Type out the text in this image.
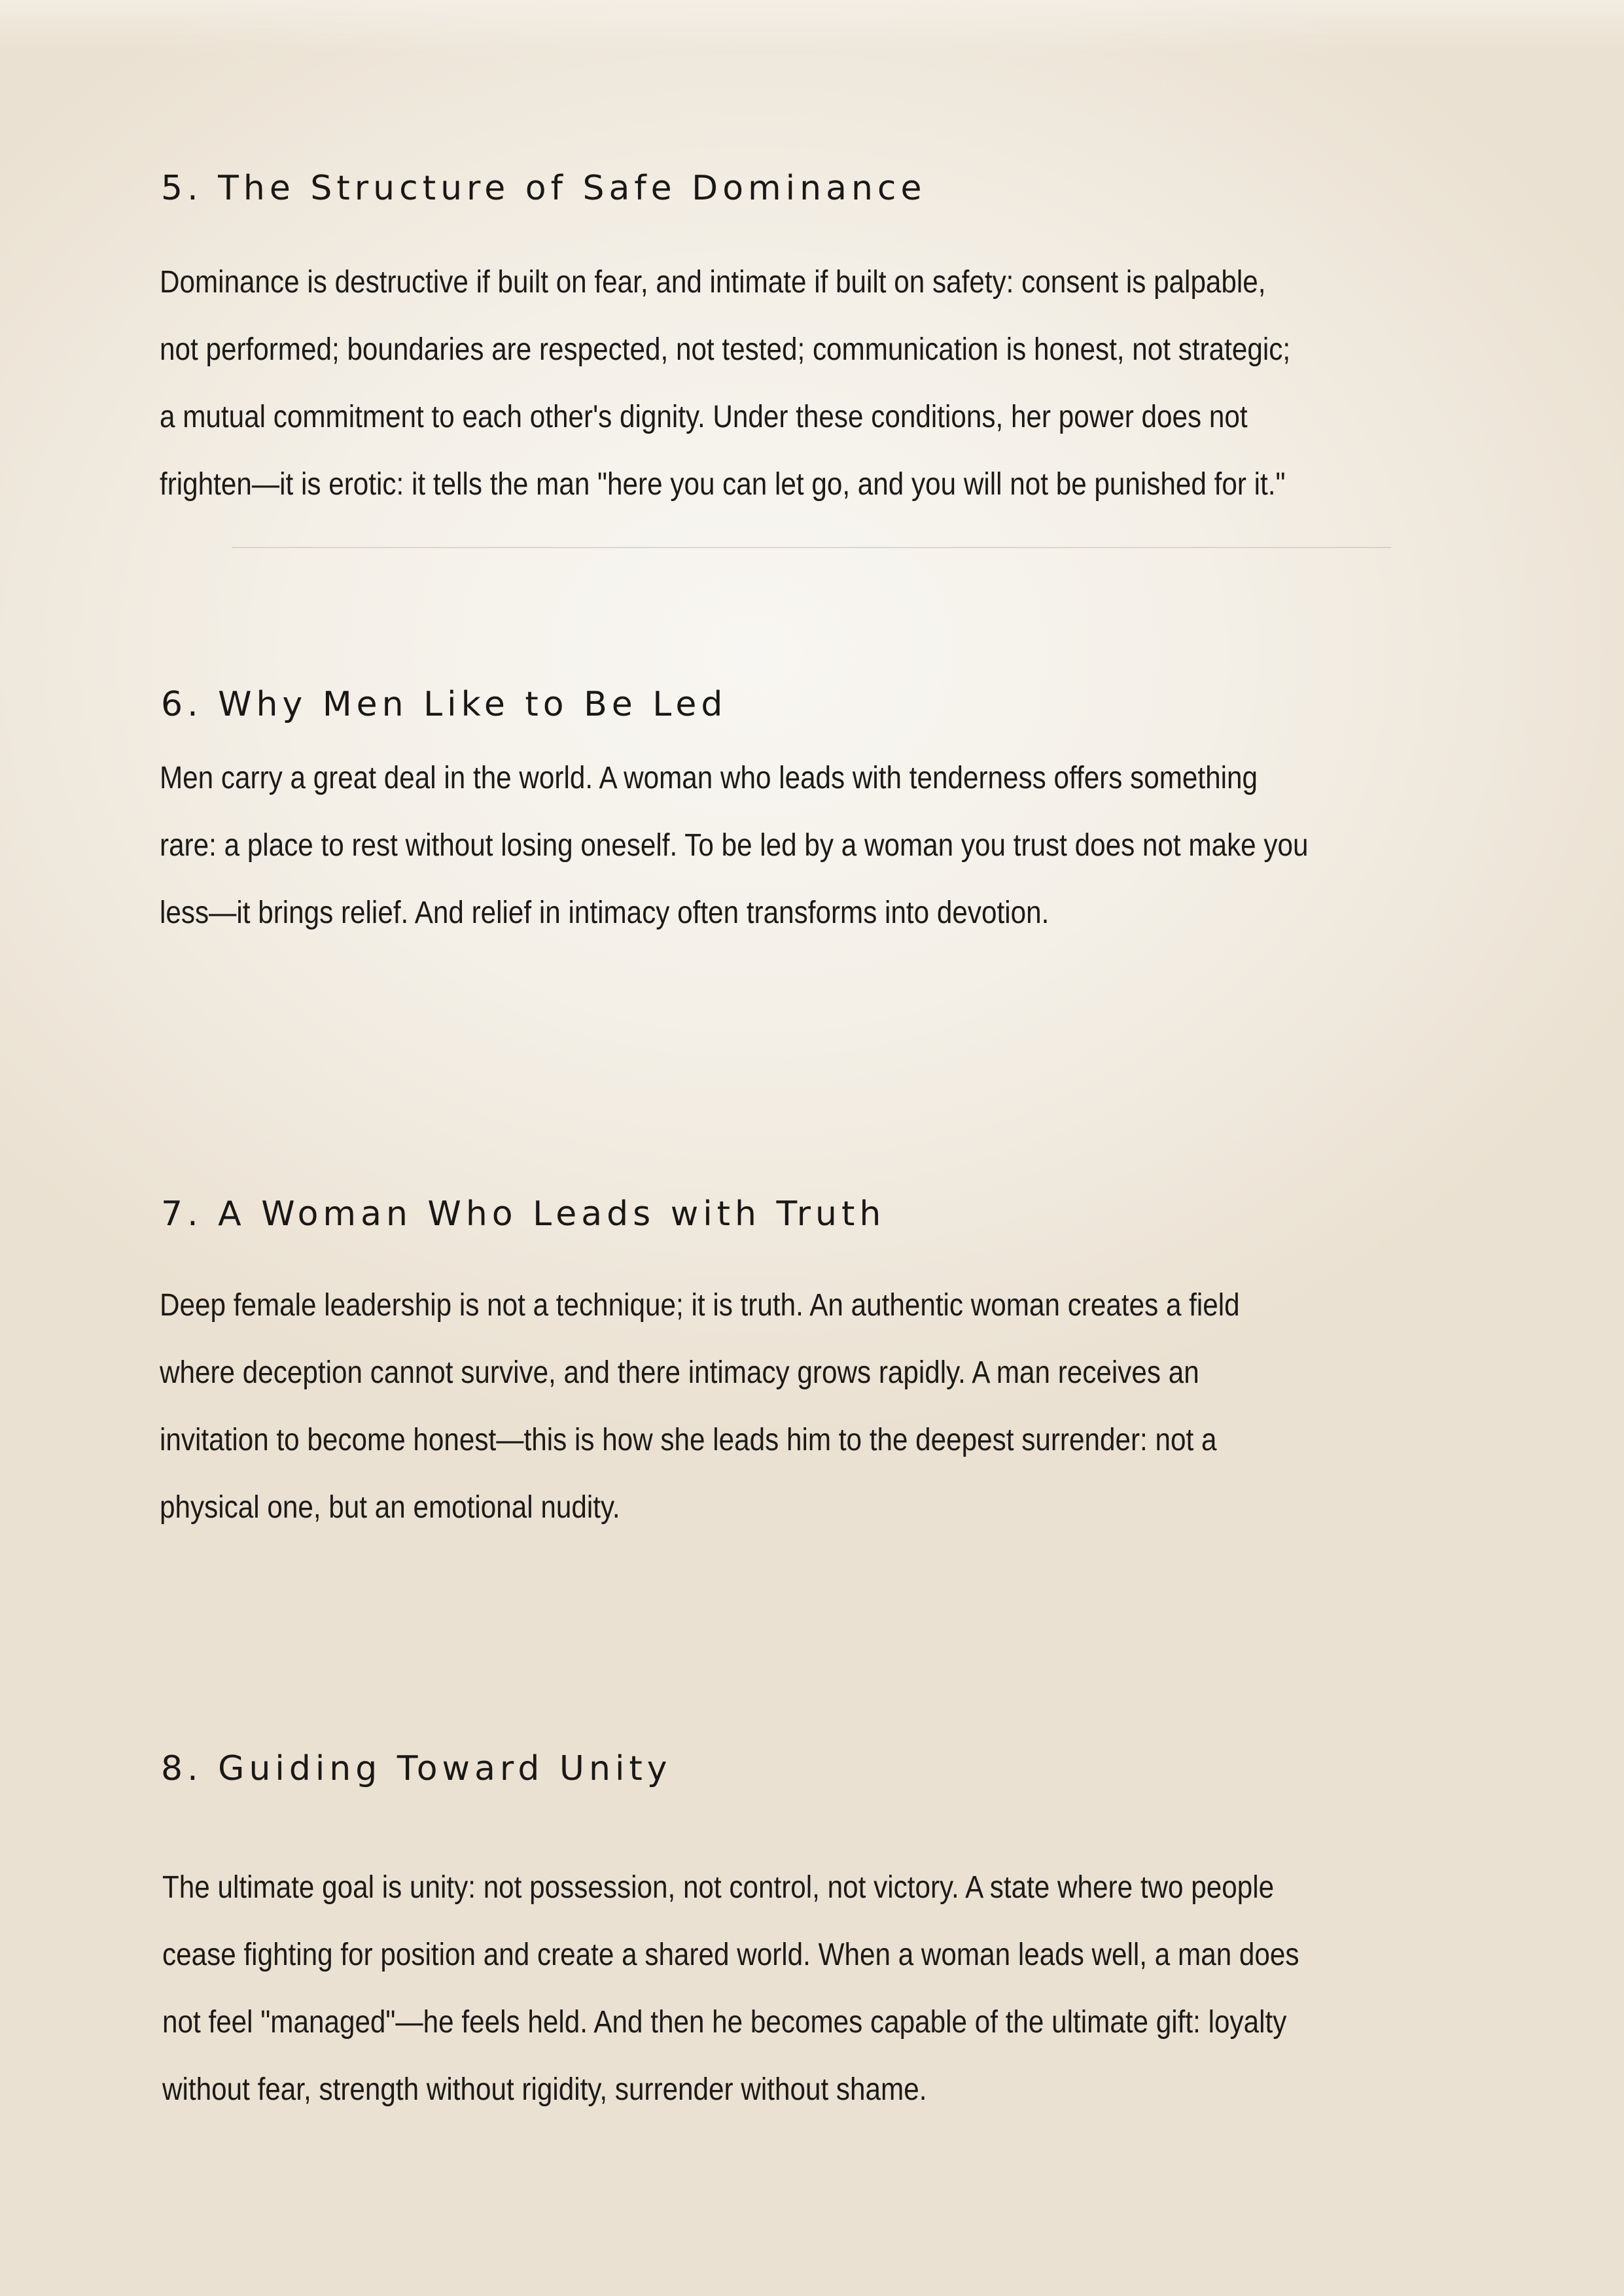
5. The Structure of Safe Dominance

Dominance is destructive if built on fear, and intimate if built on safety: consent is palpable, not performed; boundaries are respected, not tested; communication is honest, not strategic; a mutual commitment to each other's dignity. Under these conditions, her power does not frighten—it is erotic: it tells the man "here you can let go, and you will not be punished for it."

6. Why Men Like to Be Led

Men carry a great deal in the world. A woman who leads with tenderness offers something rare: a place to rest without losing oneself. To be led by a woman you trust does not make you less—it brings relief. And relief in intimacy often transforms into devotion.

7. A Woman Who Leads with Truth

Deep female leadership is not a technique; it is truth. An authentic woman creates a field where deception cannot survive, and there intimacy grows rapidly. A man receives an invitation to become honest—this is how she leads him to the deepest surrender: not a physical one, but an emotional nudity.

8. Guiding Toward Unity

The ultimate goal is unity: not possession, not control, not victory. A state where two people cease fighting for position and create a shared world. When a woman leads well, a man does not feel "managed"—he feels held. And then he becomes capable of the ultimate gift: loyalty without fear, strength without rigidity, surrender without shame.
